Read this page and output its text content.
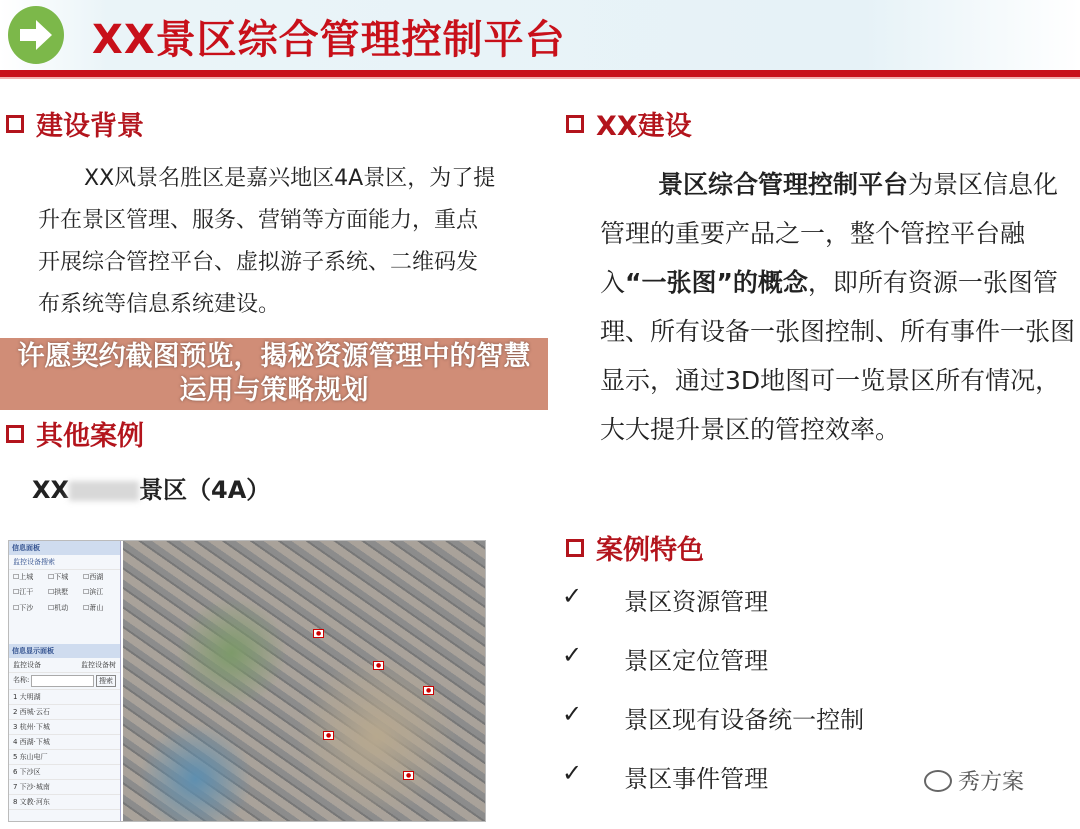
XX景区综合管理控制平台
建设背景
XX风景名胜区是嘉兴地区4A景区，为了提升在景区管理、服务、营销等方面能力，重点开展综合管控平台、虚拟游子系统、二维码发布系统等信息系统建设。
XX建设
景区综合管理控制平台为景区信息化管理的重要产品之一，整个管控平台融入“一张图”的概念，即所有资源一张图管理、所有设备一张图控制、所有事件一张图显示，通过3D地图可一览景区所有情况，大大提升景区的管控效率。
其他案例
XX	景区（4A）
信息面板
监控设备搜索
☐上城	☐下城	☐西湖
☐江干	☐拱墅	☐滨江
☐下沙	☐机动	☐萧山
信息显示面板
监控设备	监控设备树
名称:	搜索
1 大明湖
2 西城·云石
3 杭州·下城
4 西湖·下城
5 东山电厂
6 下沙区
7 下沙·城南
8 文教·河东
●
●
●
●
●
案例特色
✓ 景区资源管理
✓ 景区定位管理
✓ 景区现有设备统一控制
✓ 景区事件管理
许愿契约截图预览，揭秘资源管理中的智慧运用与策略规划
秀方案
